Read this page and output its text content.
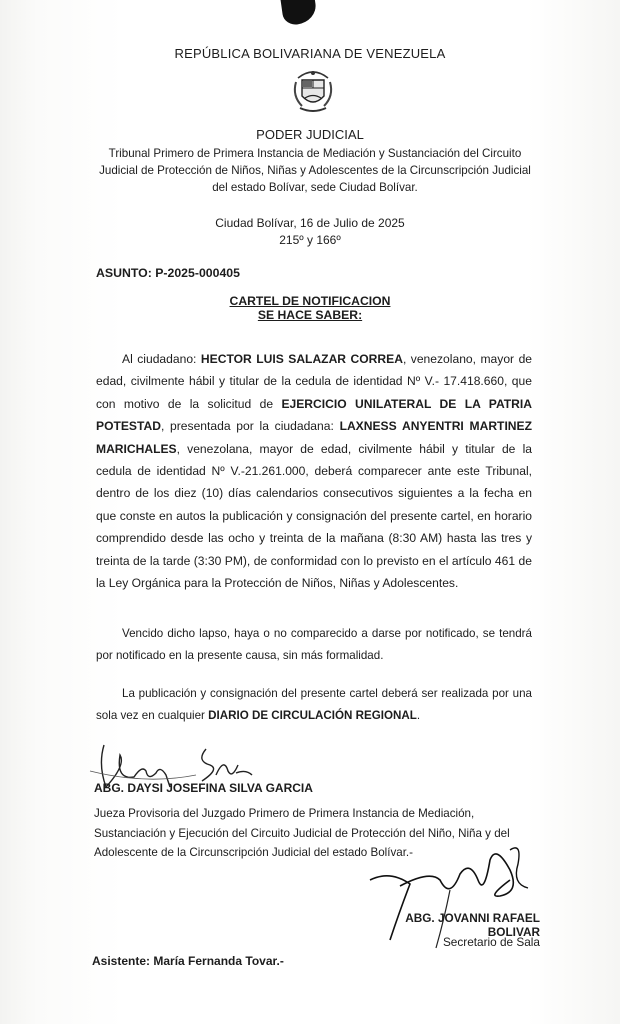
REPÚBLICA BOLIVARIANA DE VENEZUELA
PODER JUDICIAL
Tribunal Primero de Primera Instancia de Mediación y Sustanciación del Circuito Judicial de Protección de Niños, Niñas y Adolescentes de la Circunscripción Judicial del estado Bolívar, sede Ciudad Bolívar.
Ciudad Bolívar, 16 de Julio de 2025
215º y 166º
ASUNTO: P-2025-000405
CARTEL DE NOTIFICACION
SE HACE SABER:
Al ciudadano: HECTOR LUIS SALAZAR CORREA, venezolano, mayor de edad, civilmente hábil y titular de la cedula de identidad Nº V.- 17.418.660, que con motivo de la solicitud de EJERCICIO UNILATERAL DE LA PATRIA POTESTAD, presentada por la ciudadana: LAXNESS ANYENTRI MARTINEZ MARICHALES, venezolana, mayor de edad, civilmente hábil y titular de la cedula de identidad Nº V.-21.261.000, deberá comparecer ante este Tribunal, dentro de los diez (10) días calendarios consecutivos siguientes a la fecha en que conste en autos la publicación y consignación del presente cartel, en horario comprendido desde las ocho y treinta de la mañana (8:30 AM) hasta las tres y treinta de la tarde (3:30 PM), de conformidad con lo previsto en el artículo 461 de la Ley Orgánica para la Protección de Niños, Niñas y Adolescentes.
Vencido dicho lapso, haya o no comparecido a darse por notificado, se tendrá por notificado en la presente causa, sin más formalidad.
La publicación y consignación del presente cartel deberá ser realizada por una sola vez en cualquier DIARIO DE CIRCULACIÓN REGIONAL.
ABG. DAYSI JOSEFINA SILVA GARCIA
Jueza Provisoria del Juzgado Primero de Primera Instancia de Mediación, Sustanciación y Ejecución del Circuito Judicial de Protección del Niño, Niña y del Adolescente de la Circunscripción Judicial del estado Bolívar.-
ABG. JOVANNI RAFAEL BOLIVAR
Secretario de Sala
Asistente: María Fernanda Tovar.-
